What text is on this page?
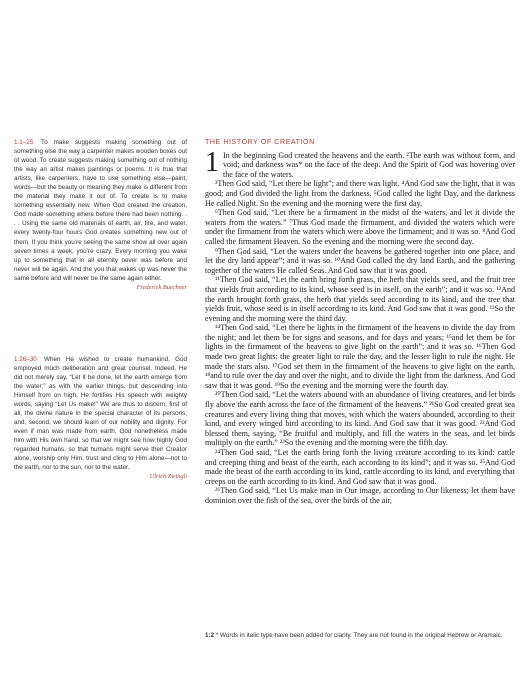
1:1–25 To make suggests making something out of something else the way a carpenter makes wooden boxes out of wood. To create suggests making something out of nothing the way an artist makes paintings or poems. It is true that artists, like carpenters, have to use something else—paint, words—but the beauty or meaning they make is different from the material they make it out of. To create is to make something essentially new. When God created the creation, God made something where before there had been nothing. . . . Using the same old materials of earth, air, fire, and water, every twenty-four hours God creates something new out of them. If you think you’re seeing the same show all over again seven times a week, you’re crazy. Every morning you wake up to something that in all eternity never was before and never will be again. And the you that wakes up was never the same before and will never be the same again either.
Frederick Buechner

1:26–30 When He wished to create humankind, God employed much deliberation and great counsel. Indeed, He did not merely say, “Let it be done, let the earth emerge from the water;” as with the earlier things, but descending into Himself from on high, He fortifies His speech with weighty words, saying “Let Us make!” We are thus to discern, first of all, the divine nature in the special character of its persons; and, second, we should learn of our nobility and dignity. For even if man was made from earth, God nonetheless made him with His own hand, so that we might see how highly God regarded humans, so that humans might serve their Creator alone, worship only Him, trust and cling to Him alone—not to the earth, nor to the sun, nor to the water.
Ulrich Zwingli

THE HISTORY OF CREATION

1 In the beginning God created the heavens and the earth. ²The earth was without form, and void; and darkness was* on the face of the deep. And the Spirit of God was hovering over the face of the waters.

³Then God said, “Let there be light”; and there was light. ⁴And God saw the light, that it was good; and God divided the light from the darkness. ⁵God called the light Day, and the darkness He called Night. So the evening and the morning were the first day.

⁶Then God said, “Let there be a firmament in the midst of the waters, and let it divide the waters from the waters.” ⁷Thus God made the firmament, and divided the waters which were under the firmament from the waters which were above the firmament; and it was so. ⁸And God called the firmament Heaven. So the evening and the morning were the second day.

⁹Then God said, “Let the waters under the heavens be gathered together into one place, and let the dry land appear”; and it was so. ¹⁰And God called the dry land Earth, and the gathering together of the waters He called Seas. And God saw that it was good.

¹¹Then God said, “Let the earth bring forth grass, the herb that yields seed, and the fruit tree that yields fruit according to its kind, whose seed is in itself, on the earth”; and it was so. ¹²And the earth brought forth grass, the herb that yields seed according to its kind, and the tree that yields fruit, whose seed is in itself according to its kind. And God saw that it was good. ¹³So the evening and the morning were the third day.

¹⁴Then God said, “Let there be lights in the firmament of the heavens to divide the day from the night; and let them be for signs and seasons, and for days and years; ¹⁵and let them be for lights in the firmament of the heavens to give light on the earth”; and it was so. ¹⁶Then God made two great lights: the greater light to rule the day, and the lesser light to rule the night. He made the stars also. ¹⁷God set them in the firmament of the heavens to give light on the earth, ¹⁸and to rule over the day and over the night, and to divide the light from the darkness. And God saw that it was good. ¹⁹So the evening and the morning were the fourth day.

²⁰Then God said, “Let the waters abound with an abundance of living creatures, and let birds fly above the earth across the face of the firmament of the heavens.” ²¹So God created great sea creatures and every living thing that moves, with which the waters abounded, according to their kind, and every winged bird according to its kind. And God saw that it was good. ²²And God blessed them, saying, “Be fruitful and multiply, and fill the waters in the seas, and let birds multiply on the earth.” ²³So the evening and the morning were the fifth day.

²⁴Then God said, “Let the earth bring forth the living creature according to its kind: cattle and creeping thing and beast of the earth, each according to its kind”; and it was so. ²⁵And God made the beast of the earth according to its kind, cattle according to its kind, and everything that creeps on the earth according to its kind. And God saw that it was good.

²⁶Then God said, “Let Us make man in Our image, according to Our likeness; let them have dominion over the fish of the sea, over the birds of the air,

1:2 * Words in italic type have been added for clarity. They are not found in the original Hebrew or Aramaic.
